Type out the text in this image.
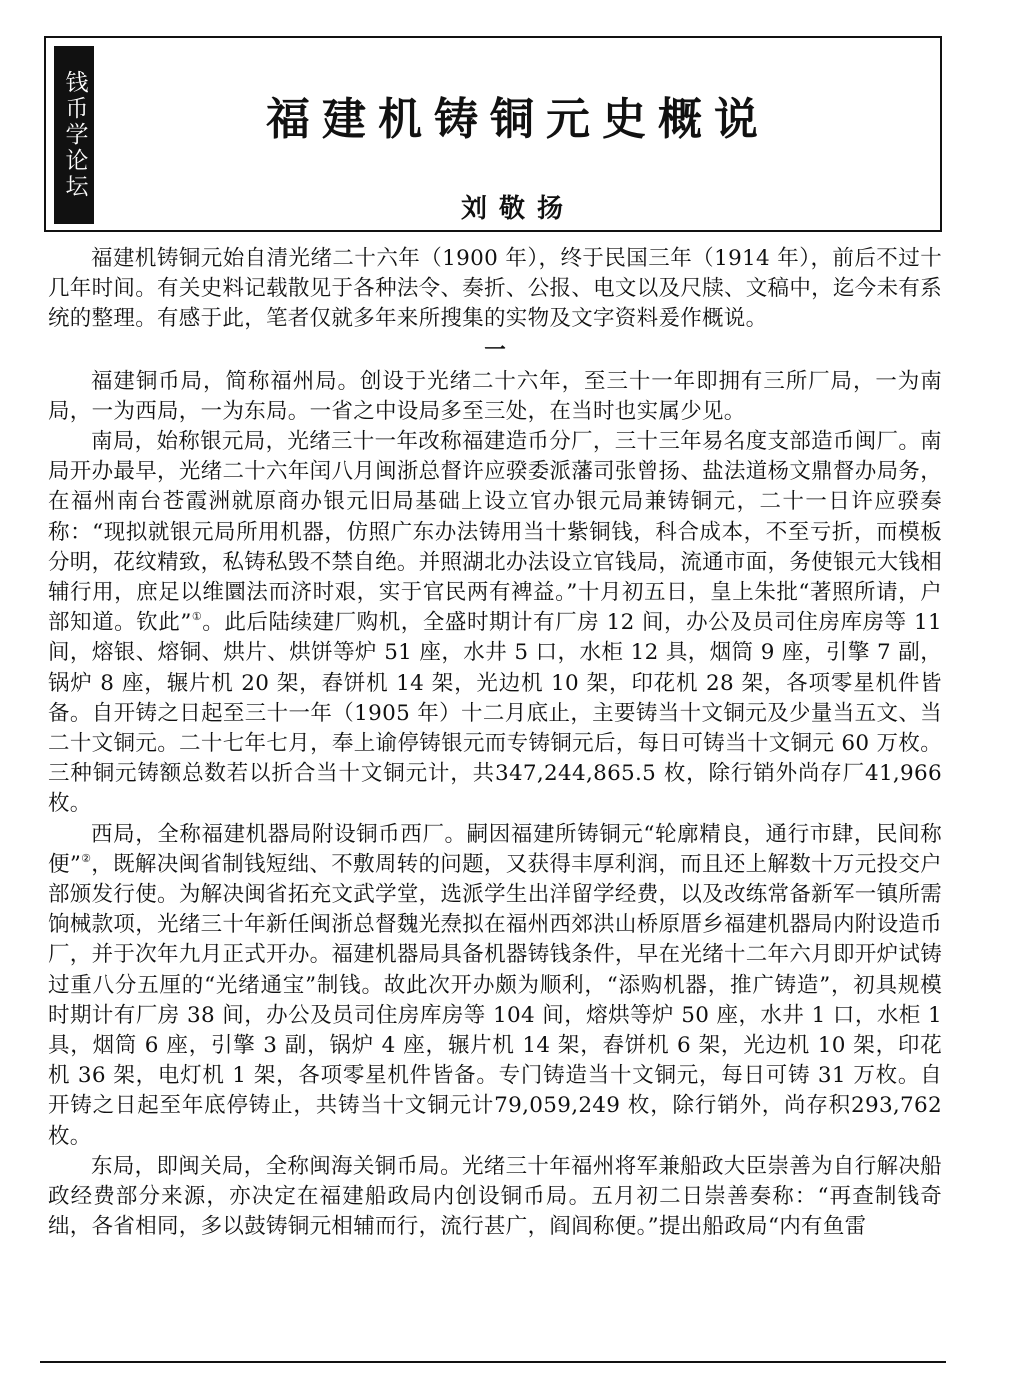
钱币学论坛	福建机铸铜元史概说
刘敬扬

福建机铸铜元始自清光绪二十六年（1900 年），终于民国三年（1914 年），前后不过十几年时间。有关史料记载散见于各种法令、奏折、公报、电文以及尺牍、文稿中，迄今未有系统的整理。有感于此，笔者仅就多年来所搜集的实物及文字资料爰作概说。

一

福建铜币局，简称福州局。创设于光绪二十六年，至三十一年即拥有三所厂局，一为南局，一为西局，一为东局。一省之中设局多至三处，在当时也实属少见。

南局，始称银元局，光绪三十一年改称福建造币分厂，三十三年易名度支部造币闽厂。南局开办最早，光绪二十六年闰八月闽浙总督许应骙委派藩司张曾扬、盐法道杨文鼎督办局务，在福州南台苍霞洲就原商办银元旧局基础上设立官办银元局兼铸铜元，二十一日许应骙奏称：“现拟就银元局所用机器，仿照广东办法铸用当十紫铜钱，科合成本，不至亏折，而模板分明，花纹精致，私铸私毁不禁自绝。并照湖北办法设立官钱局，流通市面，务使银元大钱相辅行用，庶足以维圜法而济时艰，实于官民两有裨益。”十月初五日，皇上朱批“著照所请，户部知道。钦此”①。此后陆续建厂购机，全盛时期计有厂房 12 间，办公及员司住房库房等 11 间，熔银、熔铜、烘片、烘饼等炉 51 座，水井 5 口，水柜 12 具，烟筒 9 座，引擎 7 副，锅炉 8 座，辗片机 20 架，舂饼机 14 架，光边机 10 架，印花机 28 架，各项零星机件皆备。自开铸之日起至三十一年（1905 年）十二月底止，主要铸当十文铜元及少量当五文、当二十文铜元。二十七年七月，奉上谕停铸银元而专铸铜元后，每日可铸当十文铜元 60 万枚。三种铜元铸额总数若以折合当十文铜元计，共347,244,865.5 枚，除行销外尚存厂41,966 枚。

西局，全称福建机器局附设铜币西厂。嗣因福建所铸铜元“轮廓精良，通行市肆，民间称便”②，既解决闽省制钱短绌、不敷周转的问题，又获得丰厚利润，而且还上解数十万元投交户部颁发行使。为解决闽省拓充文武学堂，选派学生出洋留学经费，以及改练常备新军一镇所需饷械款项，光绪三十年新任闽浙总督魏光焘拟在福州西郊洪山桥原厝乡福建机器局内附设造币厂，并于次年九月正式开办。福建机器局具备机器铸钱条件，早在光绪十二年六月即开炉试铸过重八分五厘的“光绪通宝”制钱。故此次开办颇为顺利，“添购机器，推广铸造”，初具规模时期计有厂房 38 间，办公及员司住房库房等 104 间，熔烘等炉 50 座，水井 1 口，水柜 1 具，烟筒 6 座，引擎 3 副，锅炉 4 座，辗片机 14 架，舂饼机 6 架，光边机 10 架，印花机 36 架，电灯机 1 架，各项零星机件皆备。专门铸造当十文铜元，每日可铸 31 万枚。自开铸之日起至年底停铸止，共铸当十文铜元计79,059,249 枚，除行销外，尚存积293,762枚。

东局，即闽关局，全称闽海关铜币局。光绪三十年福州将军兼船政大臣崇善为自行解决船政经费部分来源，亦决定在福建船政局内创设铜币局。五月初二日崇善奏称：“再查制钱奇绌，各省相同，多以鼓铸铜元相辅而行，流行甚广，阎闾称便。”提出船政局“内有鱼雷
